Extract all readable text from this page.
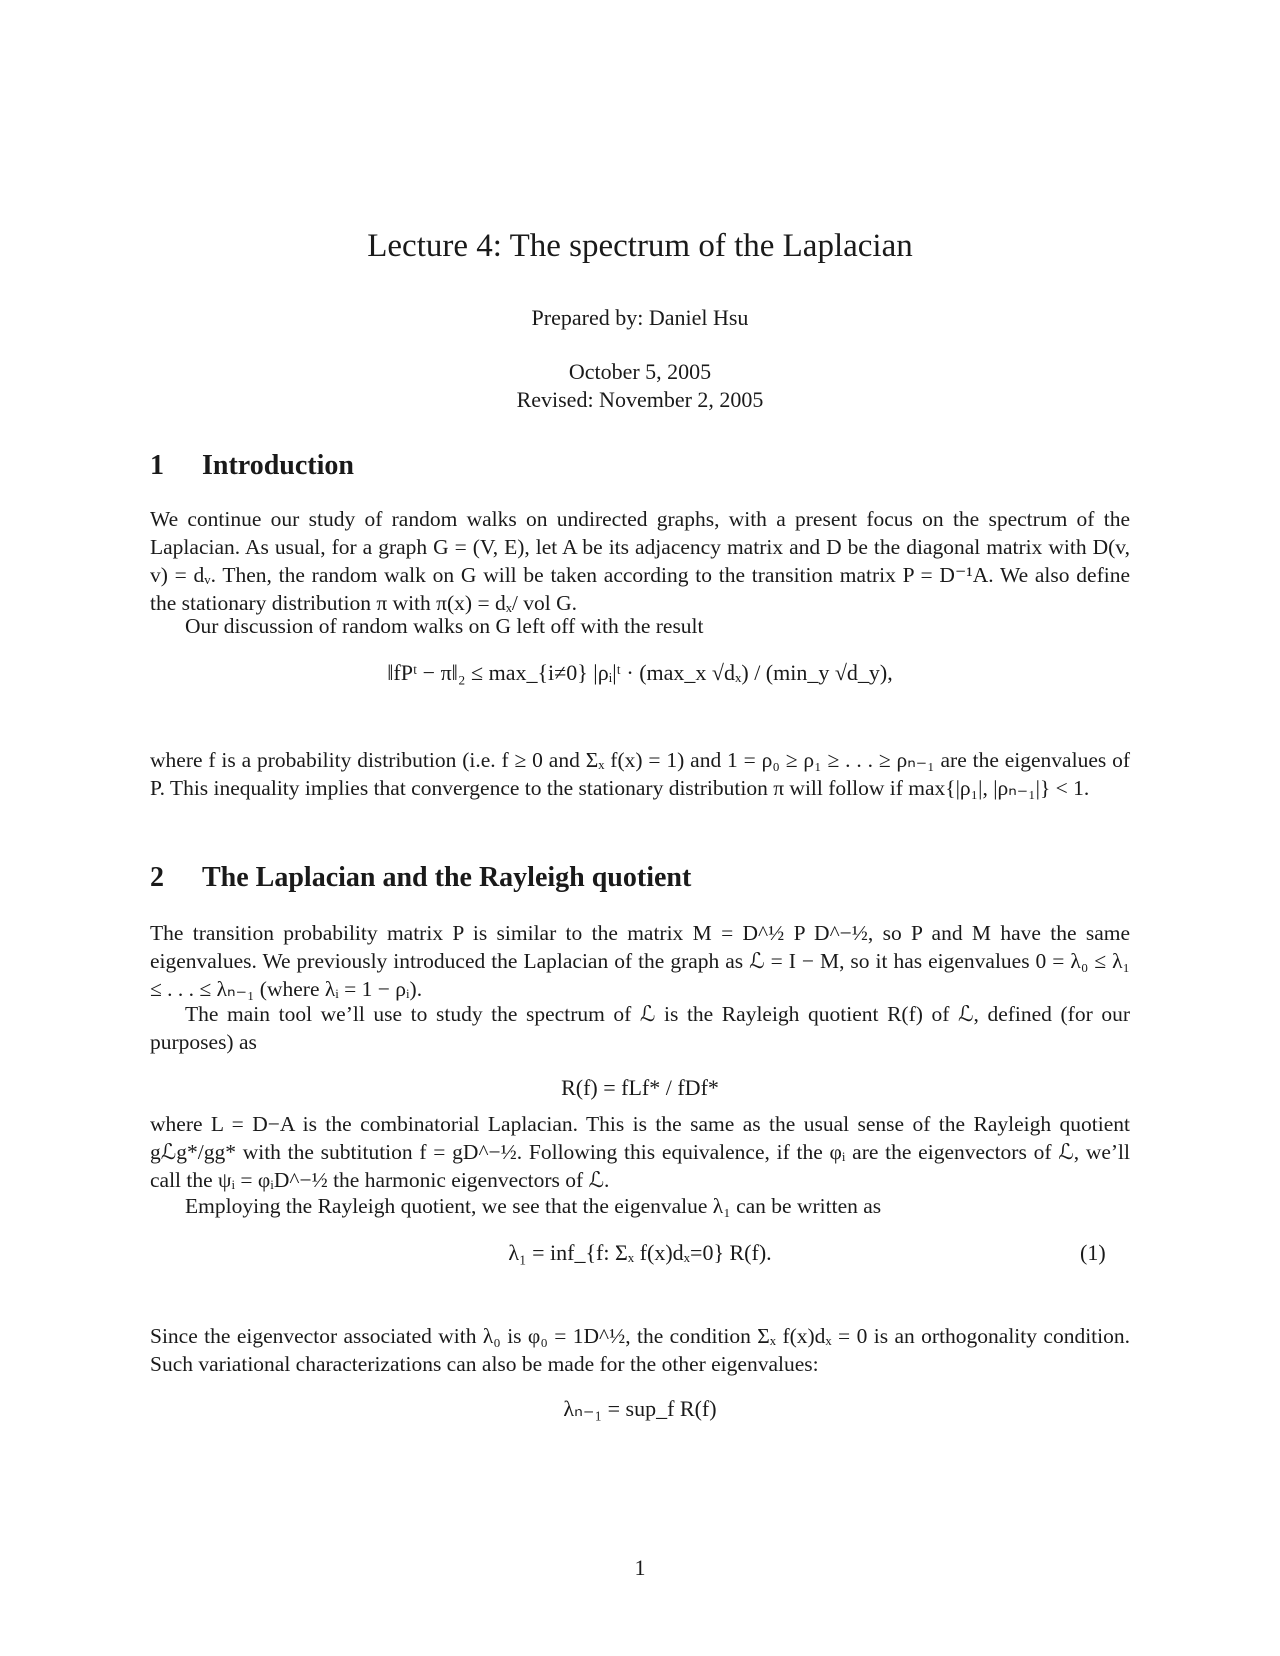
Lecture 4: The spectrum of the Laplacian
Prepared by: Daniel Hsu
October 5, 2005
Revised: November 2, 2005
1 Introduction

We continue our study of random walks on undirected graphs, with a present focus on the spectrum of the Laplacian. As usual, for a graph G = (V, E), let A be its adjacency matrix and D be the diagonal matrix with D(v, v) = dᵥ. Then, the random walk on G will be taken according to the transition matrix P = D⁻¹A. We also define the stationary distribution π with π(x) = dₓ/ vol G.

Our discussion of random walks on G left off with the result

‖fPᵗ − π‖₂ ≤ max_{i≠0} |ρᵢ|ᵗ · (max_x √dₓ) / (min_y √d_y),

where f is a probability distribution (i.e. f ≥ 0 and Σₓ f(x) = 1) and 1 = ρ₀ ≥ ρ₁ ≥ . . . ≥ ρₙ₋₁ are the eigenvalues of P. This inequality implies that convergence to the stationary distribution π will follow if max{|ρ₁|, |ρₙ₋₁|} < 1.

2 The Laplacian and the Rayleigh quotient

The transition probability matrix P is similar to the matrix M = D^½ P D^−½, so P and M have the same eigenvalues. We previously introduced the Laplacian of the graph as ℒ = I − M, so it has eigenvalues 0 = λ₀ ≤ λ₁ ≤ . . . ≤ λₙ₋₁ (where λᵢ = 1 − ρᵢ).

The main tool we’ll use to study the spectrum of ℒ is the Rayleigh quotient R(f) of ℒ, defined (for our purposes) as

R(f) = fLf* / fDf*

where L = D−A is the combinatorial Laplacian. This is the same as the usual sense of the Rayleigh quotient gℒg*/gg* with the subtitution f = gD^−½. Following this equivalence, if the φᵢ are the eigenvectors of ℒ, we’ll call the ψᵢ = φᵢD^−½ the harmonic eigenvectors of ℒ.

Employing the Rayleigh quotient, we see that the eigenvalue λ₁ can be written as

λ₁ = inf_{f: Σₓ f(x)dₓ=0} R(f).	(1)

Since the eigenvector associated with λ₀ is φ₀ = 1D^½, the condition Σₓ f(x)dₓ = 0 is an orthogonality condition. Such variational characterizations can also be made for the other eigenvalues:

λₙ₋₁ = sup_f R(f)
1
